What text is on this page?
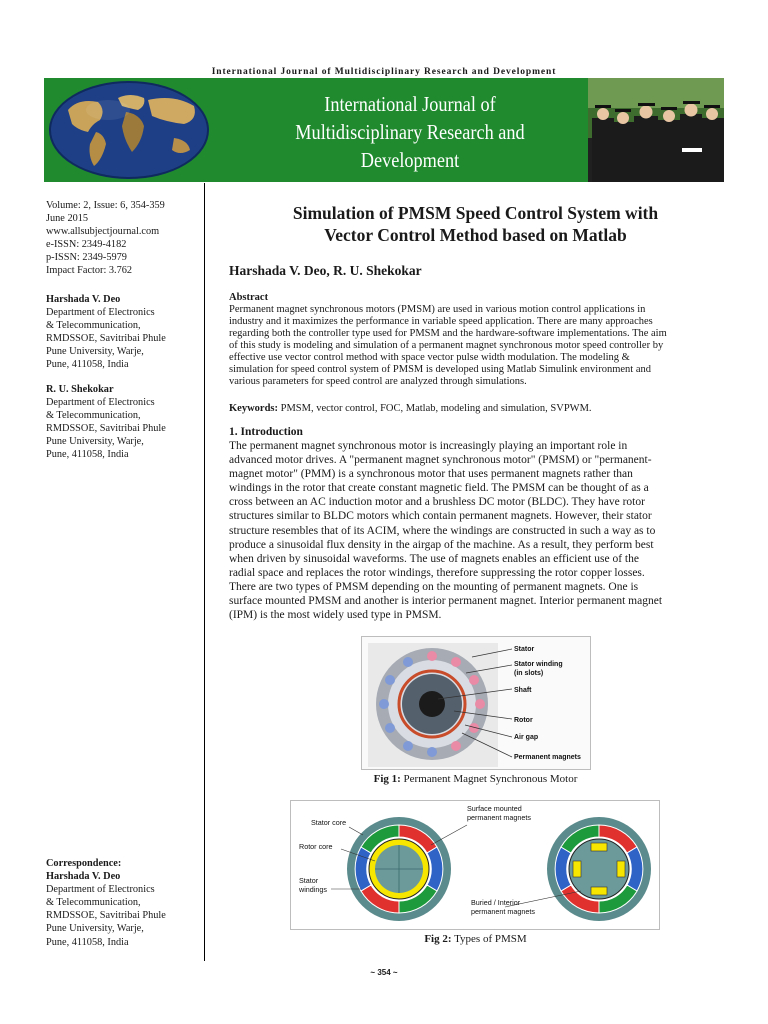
International Journal of Multidisciplinary Research and Development
International Journal of
Multidisciplinary Research and
Development
Volume: 2, Issue: 6, 354-359
June 2015
www.allsubjectjournal.com
e-ISSN: 2349-4182
p-ISSN: 2349-5979
Impact Factor: 3.762
Harshada V. Deo
Department of Electronics
& Telecommunication,
RMDSSOE, Savitribai Phule
Pune University, Warje,
Pune, 411058, India
R. U. Shekokar
Department of Electronics
& Telecommunication,
RMDSSOE, Savitribai Phule
Pune University, Warje,
Pune, 411058, India
Correspondence:
Harshada V. Deo
Department of Electronics
& Telecommunication,
RMDSSOE, Savitribai Phule
Pune University, Warje,
Pune, 411058, India
Simulation of PMSM Speed Control System with
Vector Control Method based on Matlab
Harshada V. Deo, R. U. Shekokar
Abstract
Permanent magnet synchronous motors (PMSM) are used in various motion control applications in
industry and it maximizes the performance in variable speed application. There are many approaches
regarding both the controller type used for PMSM and the hardware-software implementations. The aim
of this study is modeling and simulation of a permanent magnet synchronous motor speed controller by
effective use vector control method with space vector pulse width modulation. The modeling &
simulation for speed control system of PMSM is developed using Matlab Simulink environment and
various parameters for speed control are analyzed through simulations.
Keywords: PMSM, vector control, FOC, Matlab, modeling and simulation, SVPWM.
1. Introduction
The permanent magnet synchronous motor is increasingly playing an important role in
advanced motor drives. A "permanent magnet synchronous motor" (PMSM) or "permanent-
magnet motor" (PMM) is a synchronous motor that uses permanent magnets rather than
windings in the rotor that create constant magnetic field. The PMSM can be thought of as a
cross between an AC induction motor and a brushless DC motor (BLDC). They have rotor
structures similar to BLDC motors which contain permanent magnets. However, their stator
structure resembles that of its ACIM, where the windings are constructed in such a way as to
produce a sinusoidal flux density in the airgap of the machine. As a result, they perform best
when driven by sinusoidal waveforms. The use of magnets enables an efficient use of the
radial space and replaces the rotor windings, therefore suppressing the rotor copper losses.
There are two types of PMSM depending on the mounting of permanent magnets. One is
surface mounted PMSM and another is interior permanent magnet. Interior permanent magnet
(IPM) is the most widely used type in PMSM.
Stator
Stator winding
(in slots)
Shaft
Rotor
Air gap
Permanent magnets
Fig 1: Permanent Magnet Synchronous Motor
Stator core
Surface mounted
permanent magnets
Rotor core
Stator
windings
Buried / Interior
permanent magnets
Fig 2: Types of PMSM
~ 354 ~
